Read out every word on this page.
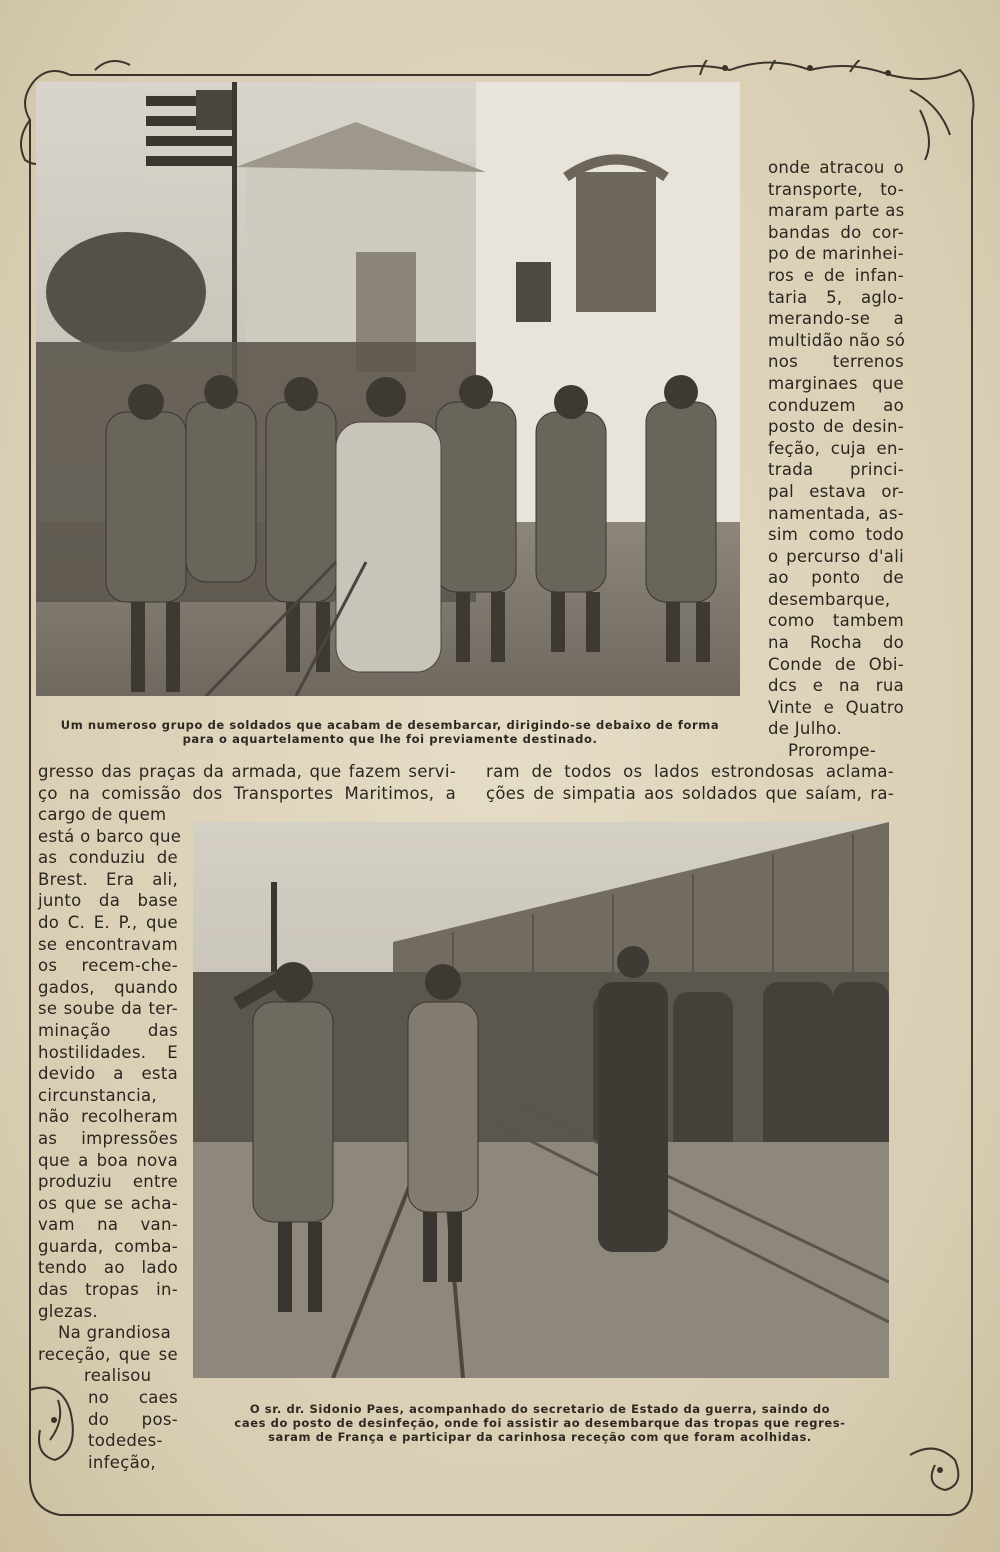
Um numeroso grupo de soldados que acabam de desembarcar, dirigindo-se debaixo de forma
para o aquartelamento que lhe foi previamente destinado.
onde atracou o
transporte, to-
maram parte as
bandas do cor-
po de marinhei-
ros e de infan-
taria 5, aglo-
merando-se a
multidão não só
nos terrenos
marginaes que
conduzem ao
posto de desin-
feção, cuja en-
trada princi-
pal estava or-
namentada, as-
sim como todo
o percurso d'ali
ao ponto de
desembarque,
como tambem
na Rocha do
Conde de Obi-
dcs e na rua
Vinte e Quatro
de Julho.
Prorompe-
gresso das praças da armada, que fazem servi-
ço na comissão dos Transportes Maritimos, a
ram de todos os lados estrondosas aclama-
ções de simpatia aos soldados que saíam, ra-
cargo de quem
está o barco que
as conduziu de
Brest. Era ali,
junto da base
do C. E. P., que
se encontravam
os recem-che-
gados, quando
se soube da ter-
minação das
hostilidades. E
devido a esta
circunstancia,
não recolheram
as impressões
que a boa nova
produziu entre
os que se acha-
vam na van-
guarda, comba-
tendo ao lado
das tropas in-
glezas.
Na grandiosa
receção, que se
realisou
no caes
do pos-
todedes-
infeção,
O sr. dr. Sidonio Paes, acompanhado do secretario de Estado da guerra, saindo do
caes do posto de desinfeção, onde foi assistir ao desembarque das tropas que regres-
saram de França e participar da carinhosa receção com que foram acolhidas.
